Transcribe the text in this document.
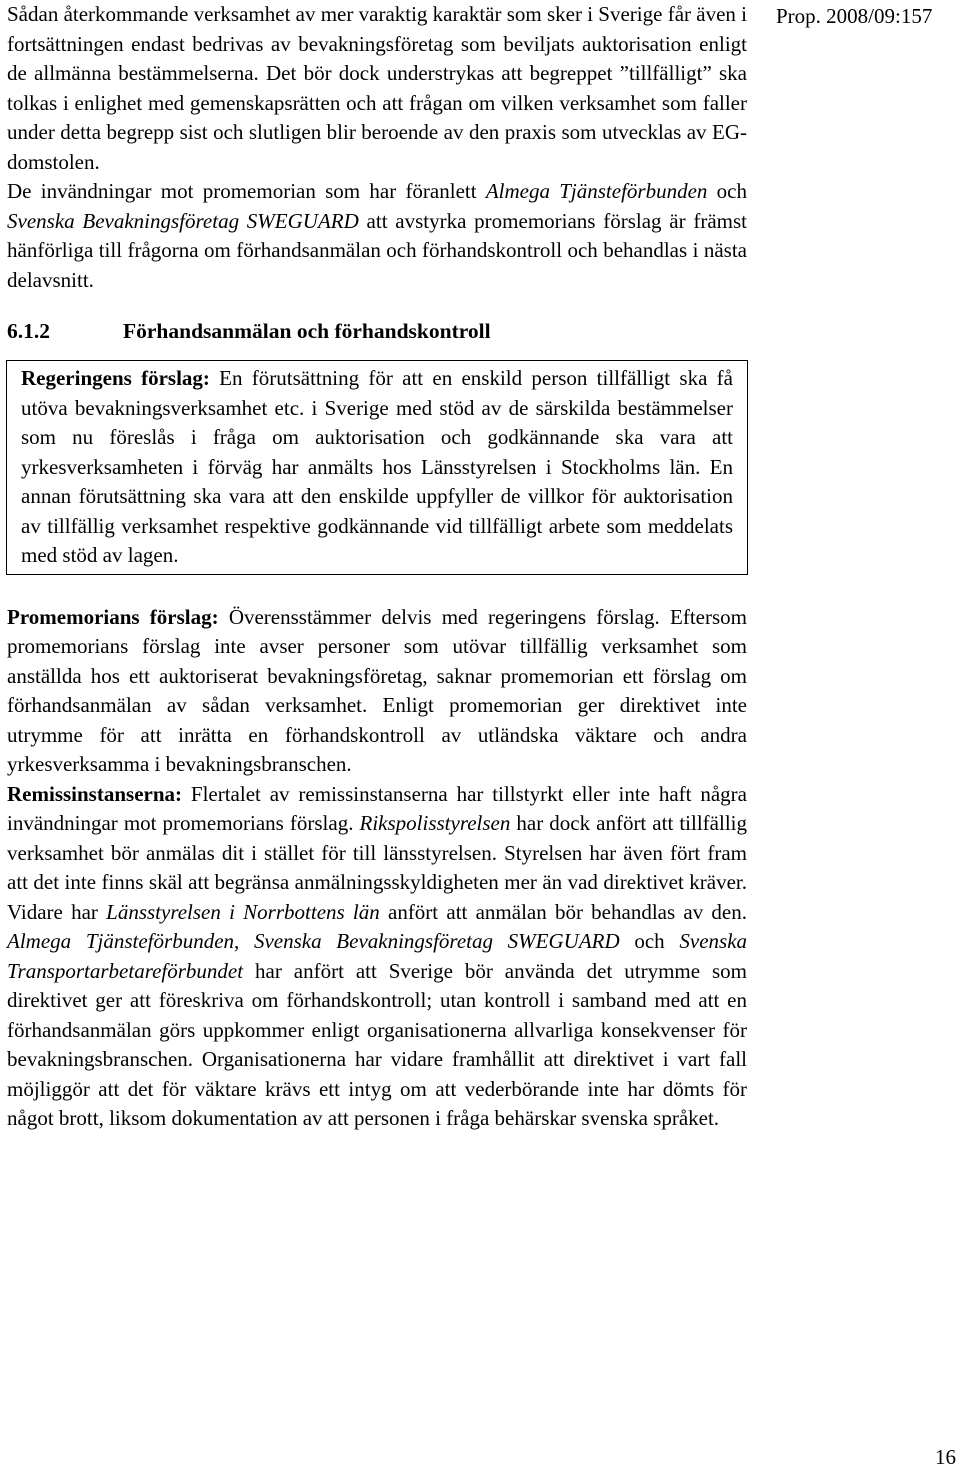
Prop. 2008/09:157

Sådan återkommande verksamhet av mer varaktig karaktär som sker i Sverige får även i fortsättningen endast bedrivas av bevakningsföretag som beviljats auktorisation enligt de allmänna bestämmelserna. Det bör dock understrykas att begreppet ”tillfälligt” ska tolkas i enlighet med gemenskapsrätten och att frågan om vilken verksamhet som faller under detta begrepp sist och slutligen blir beroende av den praxis som utvecklas av EG-domstolen.

De invändningar mot promemorian som har föranlett Almega Tjänsteförbunden och Svenska Bevakningsföretag SWEGUARD att avstyrka promemorians förslag är främst hänförliga till frågorna om förhandsanmälan och förhandskontroll och behandlas i nästa delavsnitt.

6.1.2	Förhandsanmälan och förhandskontroll

Regeringens förslag: En förutsättning för att en enskild person tillfälligt ska få utöva bevakningsverksamhet etc. i Sverige med stöd av de särskilda bestämmelser som nu föreslås i fråga om auktorisation och godkännande ska vara att yrkesverksamheten i förväg har anmälts hos Länsstyrelsen i Stockholms län. En annan förutsättning ska vara att den enskilde uppfyller de villkor för auktorisation av tillfällig verksamhet respektive godkännande vid tillfälligt arbete som meddelats med stöd av lagen.

Promemorians förslag: Överensstämmer delvis med regeringens förslag. Eftersom promemorians förslag inte avser personer som utövar tillfällig verksamhet som anställda hos ett auktoriserat bevakningsföretag, saknar promemorian ett förslag om förhandsanmälan av sådan verksamhet. Enligt promemorian ger direktivet inte utrymme för att inrätta en förhandskontroll av utländska väktare och andra yrkesverksamma i bevakningsbranschen.

Remissinstanserna: Flertalet av remissinstanserna har tillstyrkt eller inte haft några invändningar mot promemorians förslag. Rikspolisstyrelsen har dock anfört att tillfällig verksamhet bör anmälas dit i stället för till länsstyrelsen. Styrelsen har även fört fram att det inte finns skäl att begränsa anmälningsskyldigheten mer än vad direktivet kräver. Vidare har Länsstyrelsen i Norrbottens län anfört att anmälan bör behandlas av den. Almega Tjänsteförbunden, Svenska Bevakningsföretag SWEGUARD och Svenska Transportarbetareförbundet har anfört att Sverige bör använda det utrymme som direktivet ger att föreskriva om förhandskontroll; utan kontroll i samband med att en förhandsanmälan görs uppkommer enligt organisationerna allvarliga konsekvenser för bevakningsbranschen. Organisationerna har vidare framhållit att direktivet i vart fall möjliggör att det för väktare krävs ett intyg om att vederbörande inte har dömts för något brott, liksom dokumentation av att personen i fråga behärskar svenska språket.

16
